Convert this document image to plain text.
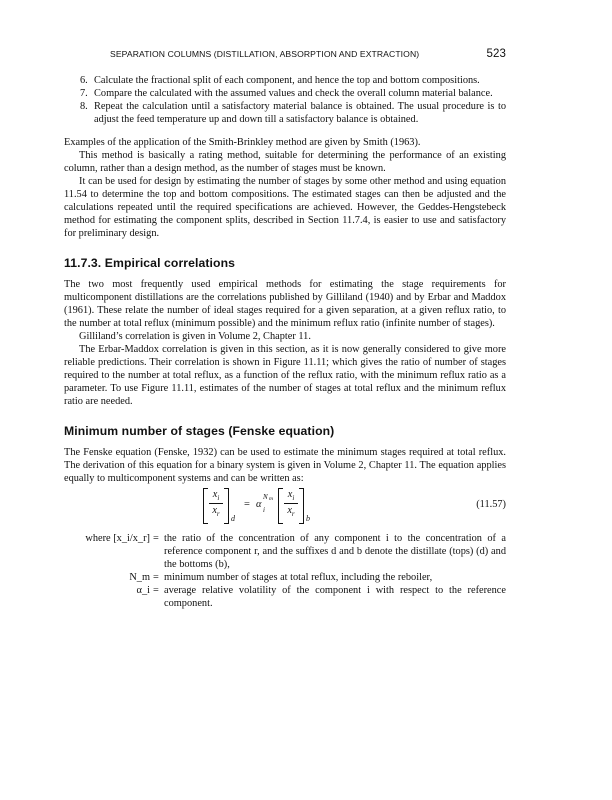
SEPARATION COLUMNS (DISTILLATION, ABSORPTION AND EXTRACTION)	523
6. Calculate the fractional split of each component, and hence the top and bottom compositions.
7. Compare the calculated with the assumed values and check the overall column material balance.
8. Repeat the calculation until a satisfactory material balance is obtained. The usual procedure is to adjust the feed temperature up and down till a satisfactory balance is obtained.

Examples of the application of the Smith-Brinkley method are given by Smith (1963).

This method is basically a rating method, suitable for determining the performance of an existing column, rather than a design method, as the number of stages must be known.

It can be used for design by estimating the number of stages by some other method and using equation 11.54 to determine the top and bottom compositions. The estimated stages can then be adjusted and the calculations repeated until the required specifications are achieved. However, the Geddes-Hengstebeck method for estimating the component splits, described in Section 11.7.4, is easier to use and satisfactory for preliminary design.

11.7.3. Empirical correlations

The two most frequently used empirical methods for estimating the stage requirements for multicomponent distillations are the correlations published by Gilliland (1940) and by Erbar and Maddox (1961). These relate the number of ideal stages required for a given separation, at a given reflux ratio, to the number at total reflux (minimum possible) and the minimum reflux ratio (infinite number of stages).

Gilliland’s correlation is given in Volume 2, Chapter 11.

The Erbar-Maddox correlation is given in this section, as it is now generally considered to give more reliable predictions. Their correlation is shown in Figure 11.11; which gives the ratio of number of stages required to the number at total reflux, as a function of the reflux ratio, with the minimum reflux ratio as a parameter. To use Figure 11.11, estimates of the number of stages at total reflux and the minimum reflux ratio are needed.

Minimum number of stages (Fenske equation)

The Fenske equation (Fenske, 1932) can be used to estimate the minimum stages required at total reflux. The derivation of this equation for a binary system is given in Volume 2, Chapter 11. The equation applies equally to multicomponent systems and can be written as:

$x_i$
$x_r$	d
= α i
N m	$x_i$
$x_r$	b
(11.57)
where [x_i/x_r] = the ratio of the concentration of any component i to the concentration of a reference component r, and the suffixes d and b denote the distillate (tops) (d) and the bottoms (b),
N_m = minimum number of stages at total reflux, including the reboiler,
α_i = average relative volatility of the component i with respect to the reference component.
